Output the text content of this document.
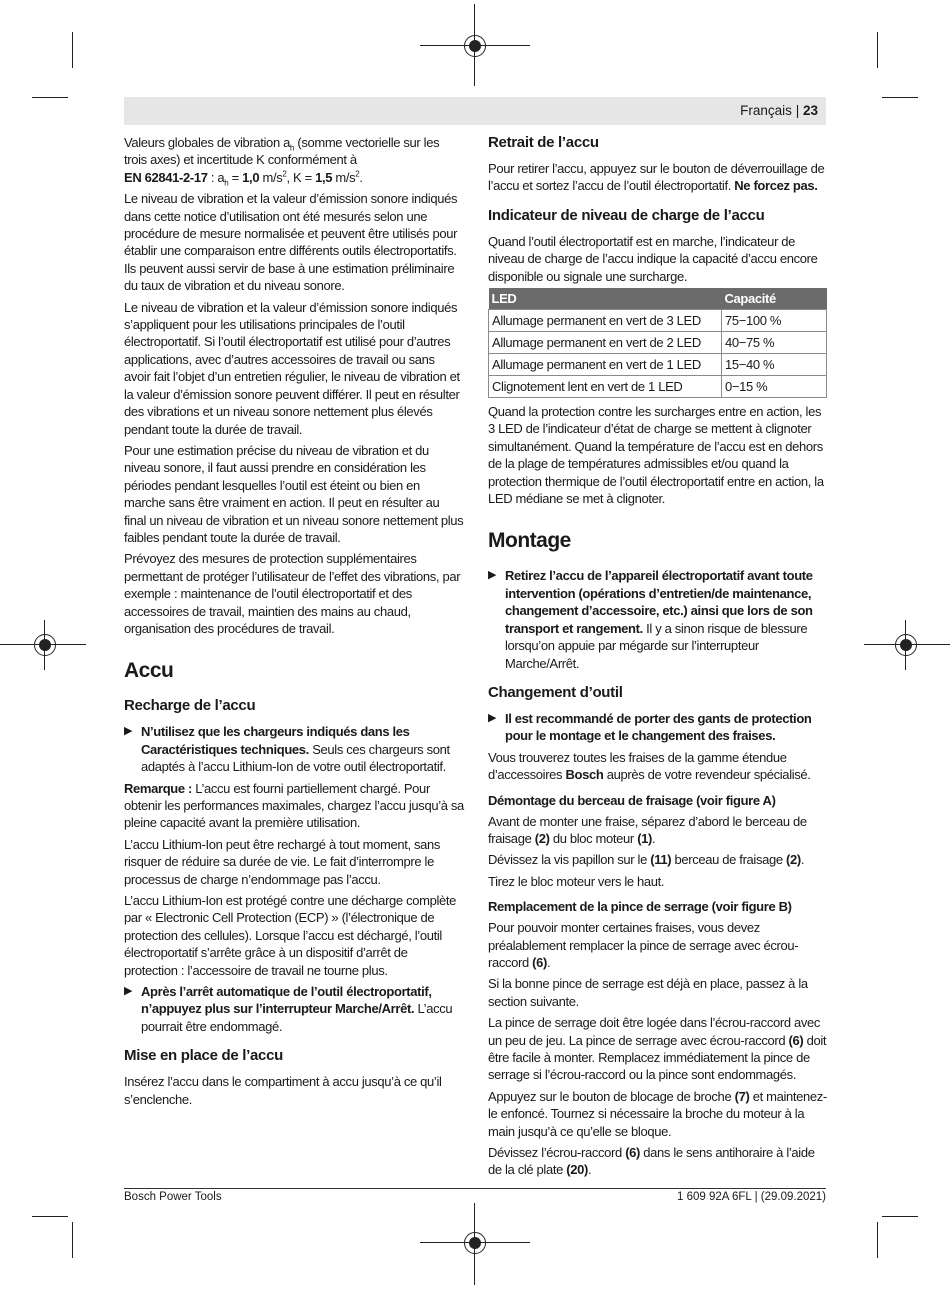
Français | 23

Valeurs globales de vibration $a_h$ (somme vectorielle sur les trois axes) et incertitude K conformément à
EN 62841-2-17 : $a_h = 1,0$ $m/s^2$, K = 1,5 $m/s^2$.

Le niveau de vibration et la valeur d’émission sonore indiqués dans cette notice d’utilisation ont été mesurés selon une procédure de mesure normalisée et peuvent être utilisés pour établir une comparaison entre différents outils électroportatifs. Ils peuvent aussi servir de base à une estimation préliminaire du taux de vibration et du niveau sonore.

Le niveau de vibration et la valeur d’émission sonore indiqués s’appliquent pour les utilisations principales de l’outil électroportatif. Si l’outil électroportatif est utilisé pour d’autres applications, avec d’autres accessoires de travail ou sans avoir fait l’objet d’un entretien régulier, le niveau de vibration et la valeur d’émission sonore peuvent différer. Il peut en résulter des vibrations et un niveau sonore nettement plus élevés pendant toute la durée de travail.

Pour une estimation précise du niveau de vibration et du niveau sonore, il faut aussi prendre en considération les périodes pendant lesquelles l’outil est éteint ou bien en marche sans être vraiment en action. Il peut en résulter au final un niveau de vibration et un niveau sonore nettement plus faibles pendant toute la durée de travail.

Prévoyez des mesures de protection supplémentaires permettant de protéger l’utilisateur de l’effet des vibrations, par exemple : maintenance de l’outil électroportatif et des accessoires de travail, maintien des mains au chaud, organisation des procédures de travail.

Accu
Recharge de l’accu

▶ N’utilisez que les chargeurs indiqués dans les Caractéristiques techniques. Seuls ces chargeurs sont adaptés à l’accu Lithium-Ion de votre outil électroportatif.

Remarque : L’accu est fourni partiellement chargé. Pour obtenir les performances maximales, chargez l’accu jusqu’à sa pleine capacité avant la première utilisation.

L’accu Lithium-Ion peut être rechargé à tout moment, sans risquer de réduire sa durée de vie. Le fait d’interrompre le processus de charge n’endommage pas l’accu.

L’accu Lithium-Ion est protégé contre une décharge complète par « Electronic Cell Protection (ECP) » (l’électronique de protection des cellules). Lorsque l’accu est déchargé, l’outil électroportatif s’arrête grâce à un dispositif d’arrêt de protection : l’accessoire de travail ne tourne plus.

▶ Après l’arrêt automatique de l’outil électroportatif, n’appuyez plus sur l’interrupteur Marche/Arrêt. L’accu pourrait être endommagé.

Mise en place de l’accu

Insérez l’accu dans le compartiment à accu jusqu’à ce qu’il s’enclenche.

Retrait de l’accu

Pour retirer l’accu, appuyez sur le bouton de déverrouillage de l’accu et sortez l’accu de l’outil électroportatif. Ne forcez pas.

Indicateur de niveau de charge de l’accu

Quand l’outil électroportatif est en marche, l’indicateur de niveau de charge de l’accu indique la capacité d’accu encore disponible ou signale une surcharge.

LED	Capacité
Allumage permanent en vert de 3 LED	75−100 %
Allumage permanent en vert de 2 LED	40−75 %
Allumage permanent en vert de 1 LED	15−40 %
Clignotement lent en vert de 1 LED	0−15 %

Quand la protection contre les surcharges entre en action, les 3 LED de l’indicateur d’état de charge se mettent à clignoter simultanément. Quand la température de l’accu est en dehors de la plage de températures admissibles et/ou quand la protection thermique de l’outil électroportatif entre en action, la LED médiane se met à clignoter.

Montage

▶ Retirez l’accu de l’appareil électroportatif avant toute intervention (opérations d’entretien/de maintenance, changement d’accessoire, etc.) ainsi que lors de son transport et rangement. Il y a sinon risque de blessure lorsqu’on appuie par mégarde sur l’interrupteur Marche/Arrêt.

Changement d’outil

▶ Il est recommandé de porter des gants de protection pour le montage et le changement des fraises.

Vous trouverez toutes les fraises de la gamme étendue d’accessoires Bosch auprès de votre revendeur spécialisé.

Démontage du berceau de fraisage (voir figure A)

Avant de monter une fraise, séparez d’abord le berceau de fraisage (2) du bloc moteur (1).

Dévissez la vis papillon sur le (11) berceau de fraisage (2).

Tirez le bloc moteur vers le haut.

Remplacement de la pince de serrage (voir figure B)

Pour pouvoir monter certaines fraises, vous devez préalablement remplacer la pince de serrage avec écrou-raccord (6).

Si la bonne pince de serrage est déjà en place, passez à la section suivante.

La pince de serrage doit être logée dans l’écrou-raccord avec un peu de jeu. La pince de serrage avec écrou-raccord (6) doit être facile à monter. Remplacez immédiatement la pince de serrage si l’écrou-raccord ou la pince sont endommagés.

Appuyez sur le bouton de blocage de broche (7) et maintenez-le enfoncé. Tournez si nécessaire la broche du moteur à la main jusqu’à ce qu’elle se bloque.

Dévissez l’écrou-raccord (6) dans le sens antihoraire à l’aide de la clé plate (20).

Bosch Power Tools	1 609 92A 6FL | (29.09.2021)
